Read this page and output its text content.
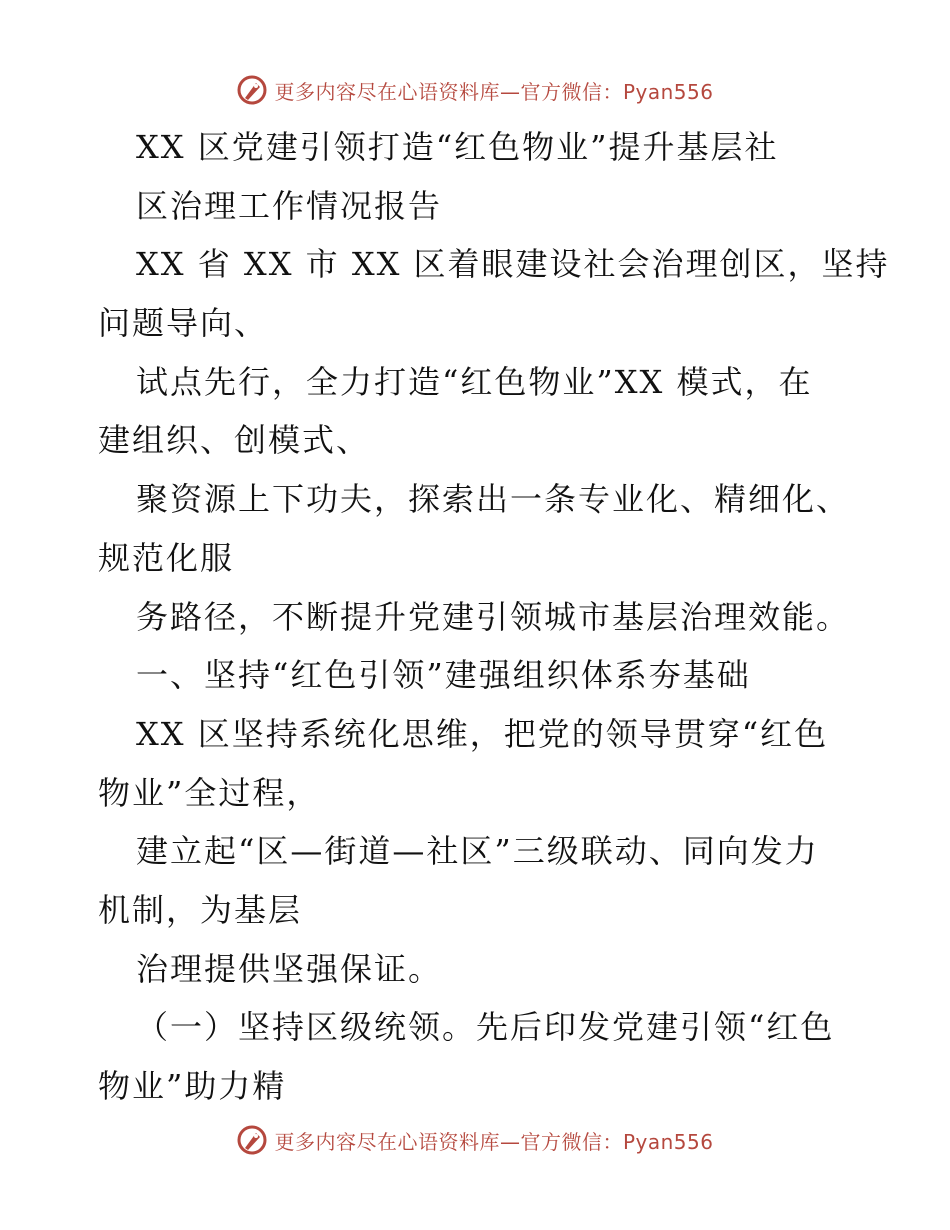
更多内容尽在心语资料库—官方微信：Pyan556
XX 区党建引领打造“红色物业”提升基层社
区治理工作情况报告
XX 省 XX 市 XX 区着眼建设社会治理创区，坚持
问题导向、
试点先行，全力打造“红色物业”XX 模式，在
建组织、创模式、
聚资源上下功夫，探索出一条专业化、精细化、
规范化服
务路径，不断提升党建引领城市基层治理效能。
一、坚持“红色引领”建强组织体系夯基础
XX 区坚持系统化思维，把党的领导贯穿“红色
物业”全过程，
建立起“区—街道—社区”三级联动、同向发力
机制，为基层
治理提供坚强保证。
（一）坚持区级统领。先后印发党建引领“红色
物业”助力精
更多内容尽在心语资料库—官方微信：Pyan556
